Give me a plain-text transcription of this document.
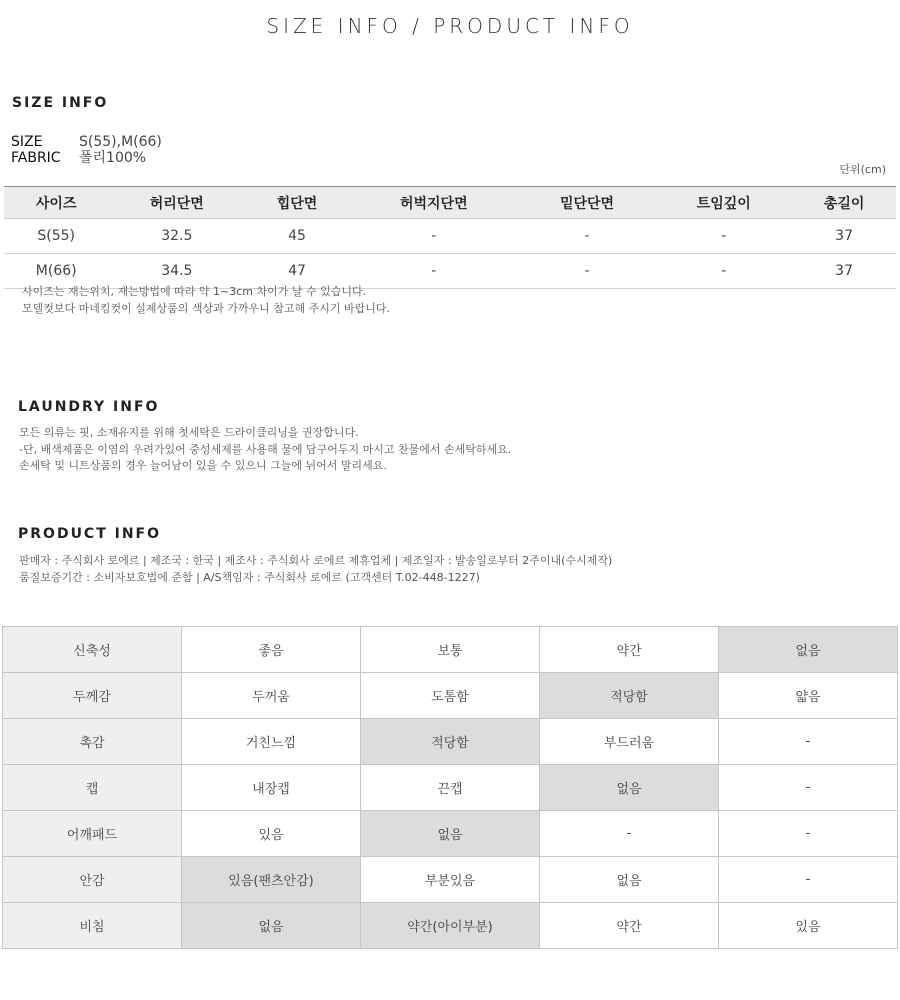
SIZE INFO / PRODUCT INFO
SIZE INFO
SIZE	S(55),M(66)
FABRIC 폴리100%
단위(cm)
사이즈	허리단면	힙단면	허벅지단면	밑단단면	트임깊이	총길이
S(55)	32.5	45	-	-	-	37
M(66)	34.5	47	-	-	-	37
사이즈는 재는위치, 재는방법에 따라 약 1~3cm 차이가 날 수 있습니다.
모델컷보다 마네킹컷이 실제상품의 색상과 가까우니 참고해 주시기 바랍니다.
LAUNDRY INFO
모든 의류는 핏, 소재유지를 위해 첫세탁은 드라이클리닝을 권장합니다.
-단, 배색제품은 이염의 우려가있어 중성세제를 사용해 물에 담구어두지 마시고 찬물에서 손세탁하세요.
손세탁 및 니트상품의 경우 늘어남이 있을 수 있으니 그늘에 뉘어서 말리세요.
PRODUCT INFO
판매자 : 주식회사 로에르 | 제조국 : 한국 | 제조사 : 주식회사 로에르 제휴업체 | 제조일자 : 발송일로부터 2주이내(수시제작)
품질보증기간 : 소비자보호법에 준함 | A/S책임자 : 주식회사 로에르 (고객센터 T.02-448-1227)
신축성	좋음	보통	약간	없음
두께감	두꺼움	도톰함	적당함	얇음
촉감	거친느낌	적당함	부드러움	-
캡	내장캡	끈캡	없음	-
어깨패드	있음	없음	-	-
안감	있음(팬츠안감)	부분있음	없음	-
비침	없음	약간(아이부분)	약간	있음
